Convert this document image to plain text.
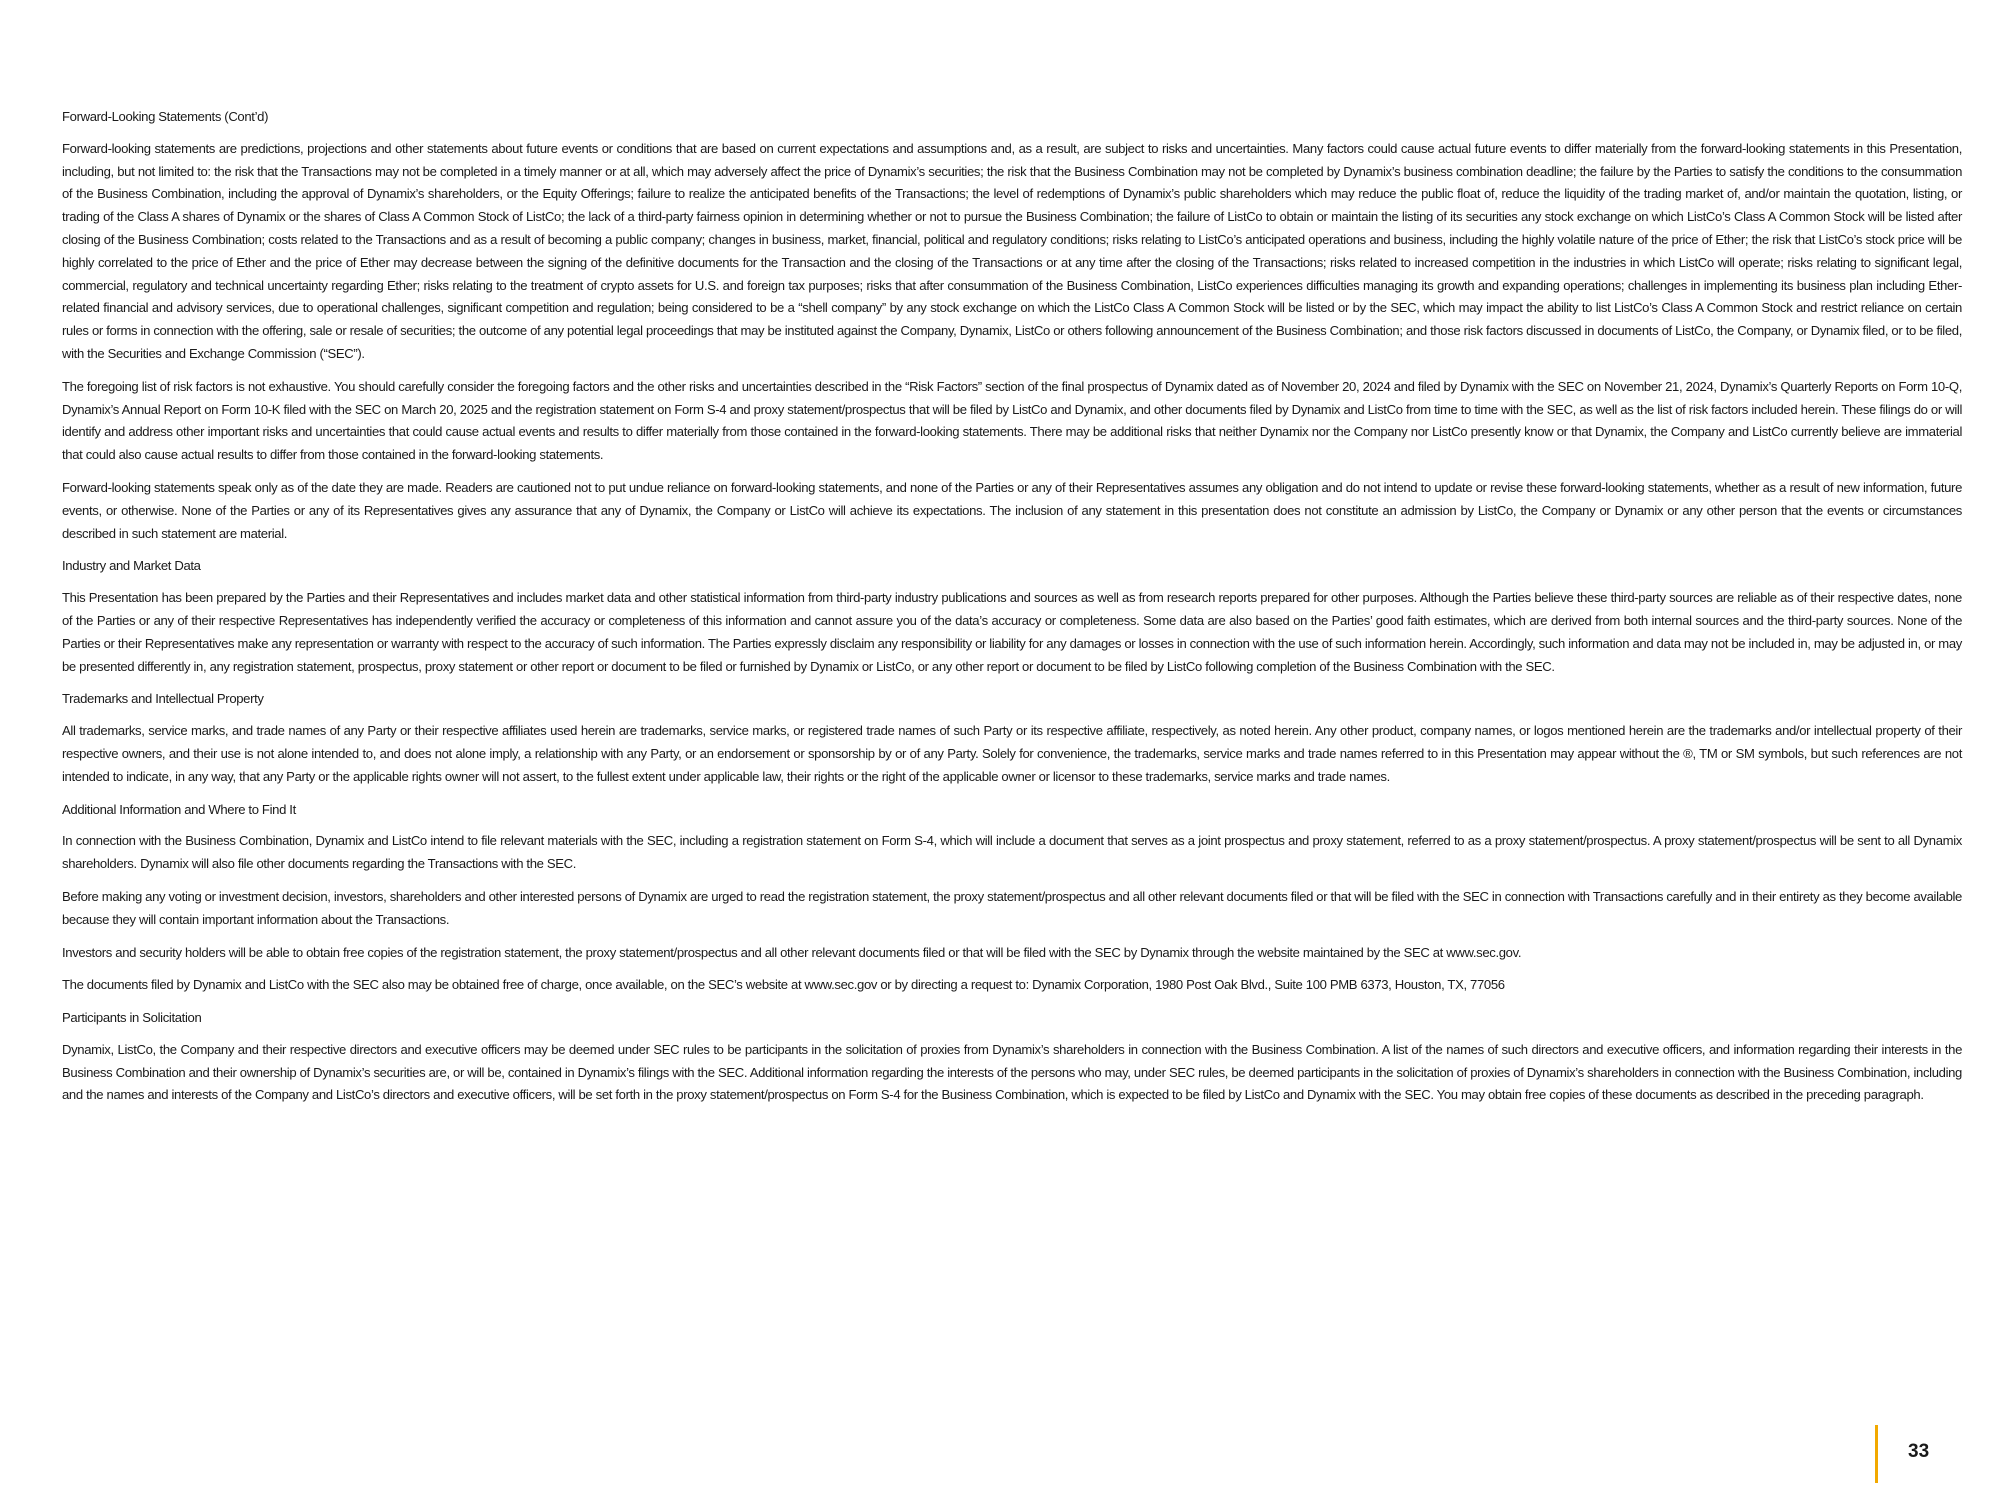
Forward-Looking Statements (Cont’d)

Forward-looking statements are predictions, projections and other statements about future events or conditions that are based on current expectations and assumptions and, as a result, are subject to risks and uncertainties. Many factors could cause actual future events to differ materially from the forward-looking statements in this Presentation, including, but not limited to: the risk that the Transactions may not be completed in a timely manner or at all, which may adversely affect the price of Dynamix’s securities; the risk that the Business Combination may not be completed by Dynamix’s business combination deadline; the failure by the Parties to satisfy the conditions to the consummation of the Business Combination, including the approval of Dynamix’s shareholders, or the Equity Offerings; failure to realize the anticipated benefits of the Transactions; the level of redemptions of Dynamix’s public shareholders which may reduce the public float of, reduce the liquidity of the trading market of, and/or maintain the quotation, listing, or trading of the Class A shares of Dynamix or the shares of Class A Common Stock of ListCo; the lack of a third-party fairness opinion in determining whether or not to pursue the Business Combination; the failure of ListCo to obtain or maintain the listing of its securities any stock exchange on which ListCo’s Class A Common Stock will be listed after closing of the Business Combination; costs related to the Transactions and as a result of becoming a public company; changes in business, market, financial, political and regulatory conditions; risks relating to ListCo’s anticipated operations and business, including the highly volatile nature of the price of Ether; the risk that ListCo’s stock price will be highly correlated to the price of Ether and the price of Ether may decrease between the signing of the definitive documents for the Transaction and the closing of the Transactions or at any time after the closing of the Transactions; risks related to increased competition in the industries in which ListCo will operate; risks relating to significant legal, commercial, regulatory and technical uncertainty regarding Ether; risks relating to the treatment of crypto assets for U.S. and foreign tax purposes; risks that after consummation of the Business Combination, ListCo experiences difficulties managing its growth and expanding operations; challenges in implementing its business plan including Ether-related financial and advisory services, due to operational challenges, significant competition and regulation; being considered to be a “shell company” by any stock exchange on which the ListCo Class A Common Stock will be listed or by the SEC, which may impact the ability to list ListCo’s Class A Common Stock and restrict reliance on certain rules or forms in connection with the offering, sale or resale of securities; the outcome of any potential legal proceedings that may be instituted against the Company, Dynamix, ListCo or others following announcement of the Business Combination; and those risk factors discussed in documents of ListCo, the Company, or Dynamix filed, or to be filed, with the Securities and Exchange Commission (“SEC”).

The foregoing list of risk factors is not exhaustive. You should carefully consider the foregoing factors and the other risks and uncertainties described in the “Risk Factors” section of the final prospectus of Dynamix dated as of November 20, 2024 and filed by Dynamix with the SEC on November 21, 2024, Dynamix’s Quarterly Reports on Form 10-Q, Dynamix’s Annual Report on Form 10-K filed with the SEC on March 20, 2025 and the registration statement on Form S-4 and proxy statement/prospectus that will be filed by ListCo and Dynamix, and other documents filed by Dynamix and ListCo from time to time with the SEC, as well as the list of risk factors included herein. These filings do or will identify and address other important risks and uncertainties that could cause actual events and results to differ materially from those contained in the forward-looking statements. There may be additional risks that neither Dynamix nor the Company nor ListCo presently know or that Dynamix, the Company and ListCo currently believe are immaterial that could also cause actual results to differ from those contained in the forward-looking statements.

Forward-looking statements speak only as of the date they are made. Readers are cautioned not to put undue reliance on forward-looking statements, and none of the Parties or any of their Representatives assumes any obligation and do not intend to update or revise these forward-looking statements, whether as a result of new information, future events, or otherwise. None of the Parties or any of its Representatives gives any assurance that any of Dynamix, the Company or ListCo will achieve its expectations. The inclusion of any statement in this presentation does not constitute an admission by ListCo, the Company or Dynamix or any other person that the events or circumstances described in such statement are material.

Industry and Market Data

This Presentation has been prepared by the Parties and their Representatives and includes market data and other statistical information from third-party industry publications and sources as well as from research reports prepared for other purposes. Although the Parties believe these third-party sources are reliable as of their respective dates, none of the Parties or any of their respective Representatives has independently verified the accuracy or completeness of this information and cannot assure you of the data’s accuracy or completeness. Some data are also based on the Parties’ good faith estimates, which are derived from both internal sources and the third-party sources. None of the Parties or their Representatives make any representation or warranty with respect to the accuracy of such information. The Parties expressly disclaim any responsibility or liability for any damages or losses in connection with the use of such information herein. Accordingly, such information and data may not be included in, may be adjusted in, or may be presented differently in, any registration statement, prospectus, proxy statement or other report or document to be filed or furnished by Dynamix or ListCo, or any other report or document to be filed by ListCo following completion of the Business Combination with the SEC.

Trademarks and Intellectual Property

All trademarks, service marks, and trade names of any Party or their respective affiliates used herein are trademarks, service marks, or registered trade names of such Party or its respective affiliate, respectively, as noted herein. Any other product, company names, or logos mentioned herein are the trademarks and/or intellectual property of their respective owners, and their use is not alone intended to, and does not alone imply, a relationship with any Party, or an endorsement or sponsorship by or of any Party. Solely for convenience, the trademarks, service marks and trade names referred to in this Presentation may appear without the ®, TM or SM symbols, but such references are not intended to indicate, in any way, that any Party or the applicable rights owner will not assert, to the fullest extent under applicable law, their rights or the right of the applicable owner or licensor to these trademarks, service marks and trade names.

Additional Information and Where to Find It

In connection with the Business Combination, Dynamix and ListCo intend to file relevant materials with the SEC, including a registration statement on Form S-4, which will include a document that serves as a joint prospectus and proxy statement, referred to as a proxy statement/prospectus. A proxy statement/prospectus will be sent to all Dynamix shareholders. Dynamix will also file other documents regarding the Transactions with the SEC.

Before making any voting or investment decision, investors, shareholders and other interested persons of Dynamix are urged to read the registration statement, the proxy statement/prospectus and all other relevant documents filed or that will be filed with the SEC in connection with Transactions carefully and in their entirety as they become available because they will contain important information about the Transactions.

Investors and security holders will be able to obtain free copies of the registration statement, the proxy statement/prospectus and all other relevant documents filed or that will be filed with the SEC by Dynamix through the website maintained by the SEC at www.sec.gov.

The documents filed by Dynamix and ListCo with the SEC also may be obtained free of charge, once available, on the SEC’s website at www.sec.gov or by directing a request to: Dynamix Corporation, 1980 Post Oak Blvd., Suite 100 PMB 6373, Houston, TX, 77056

Participants in Solicitation

Dynamix, ListCo, the Company and their respective directors and executive officers may be deemed under SEC rules to be participants in the solicitation of proxies from Dynamix’s shareholders in connection with the Business Combination. A list of the names of such directors and executive officers, and information regarding their interests in the Business Combination and their ownership of Dynamix’s securities are, or will be, contained in Dynamix’s filings with the SEC. Additional information regarding the interests of the persons who may, under SEC rules, be deemed participants in the solicitation of proxies of Dynamix’s shareholders in connection with the Business Combination, including and the names and interests of the Company and ListCo’s directors and executive officers, will be set forth in the proxy statement/prospectus on Form S-4 for the Business Combination, which is expected to be filed by ListCo and Dynamix with the SEC. You may obtain free copies of these documents as described in the preceding paragraph.

33
